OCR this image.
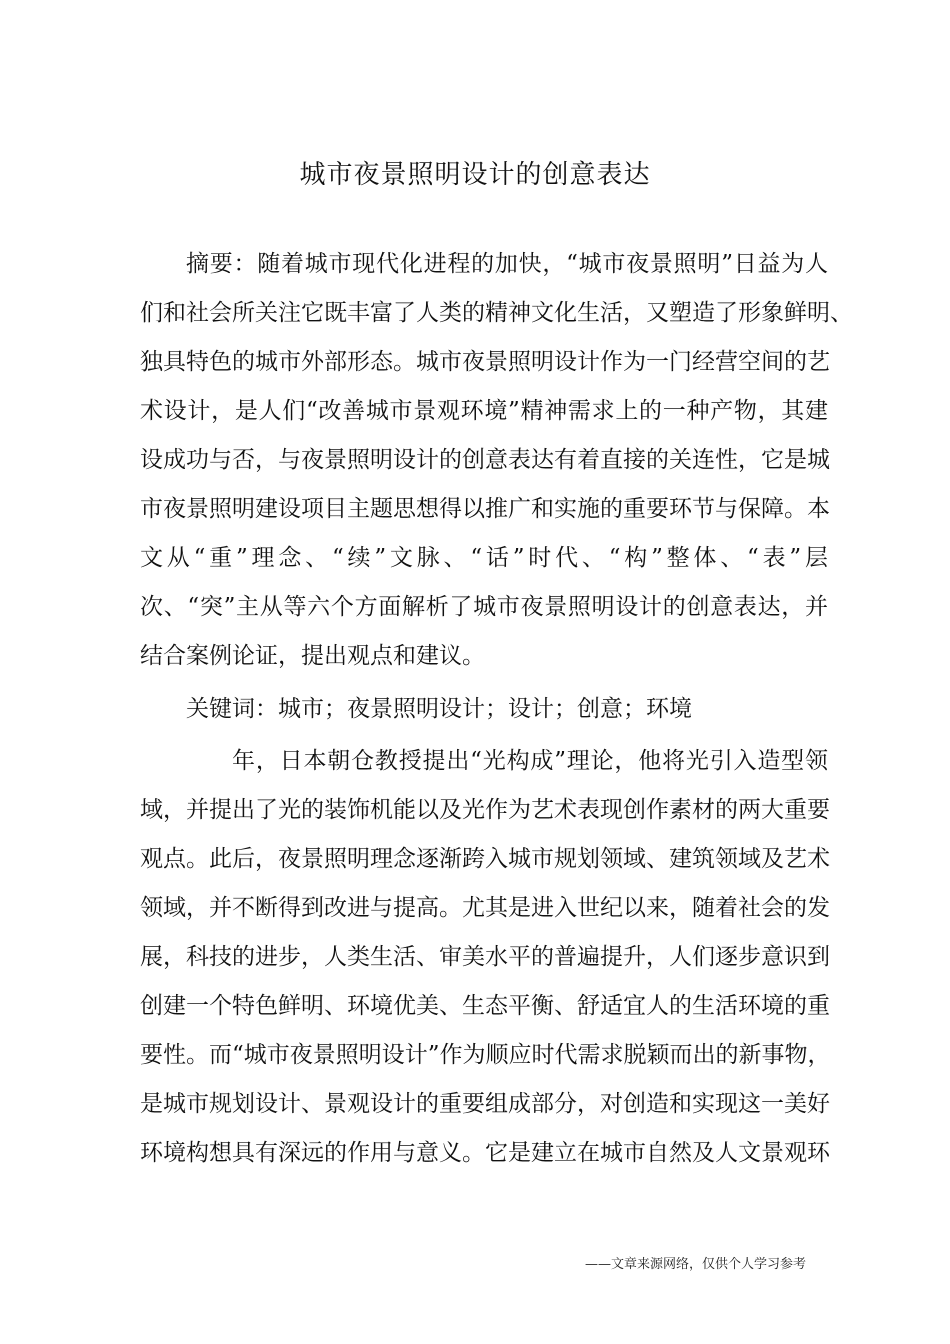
城市夜景照明设计的创意表达
摘要：随着城市现代化进程的加快，“城市夜景照明”日益为人
们和社会所关注它既丰富了人类的精神文化生活，又塑造了形象鲜明、
独具特色的城市外部形态。城市夜景照明设计作为一门经营空间的艺
术设计，是人们“改善城市景观环境”精神需求上的一种产物，其建
设成功与否，与夜景照明设计的创意表达有着直接的关连性，它是城
市夜景照明建设项目主题思想得以推广和实施的重要环节与保障。本
文从“重”理念、“续”文脉、“话”时代、“构”整体、“表”层
次、“突”主从等六个方面解析了城市夜景照明设计的创意表达，并
结合案例论证，提出观点和建议。
关键词：城市；夜景照明设计；设计；创意；环境
年，日本朝仓教授提出“光构成”理论，他将光引入造型领
域，并提出了光的装饰机能以及光作为艺术表现创作素材的两大重要
观点。此后，夜景照明理念逐渐跨入城市规划领域、建筑领域及艺术
领域，并不断得到改进与提高。尤其是进入世纪以来，随着社会的发
展，科技的进步，人类生活、审美水平的普遍提升，人们逐步意识到
创建一个特色鲜明、环境优美、生态平衡、舒适宜人的生活环境的重
要性。而“城市夜景照明设计”作为顺应时代需求脱颖而出的新事物，
是城市规划设计、景观设计的重要组成部分，对创造和实现这一美好
环境构想具有深远的作用与意义。它是建立在城市自然及人文景观环
——文章来源网络，仅供个人学习参考
